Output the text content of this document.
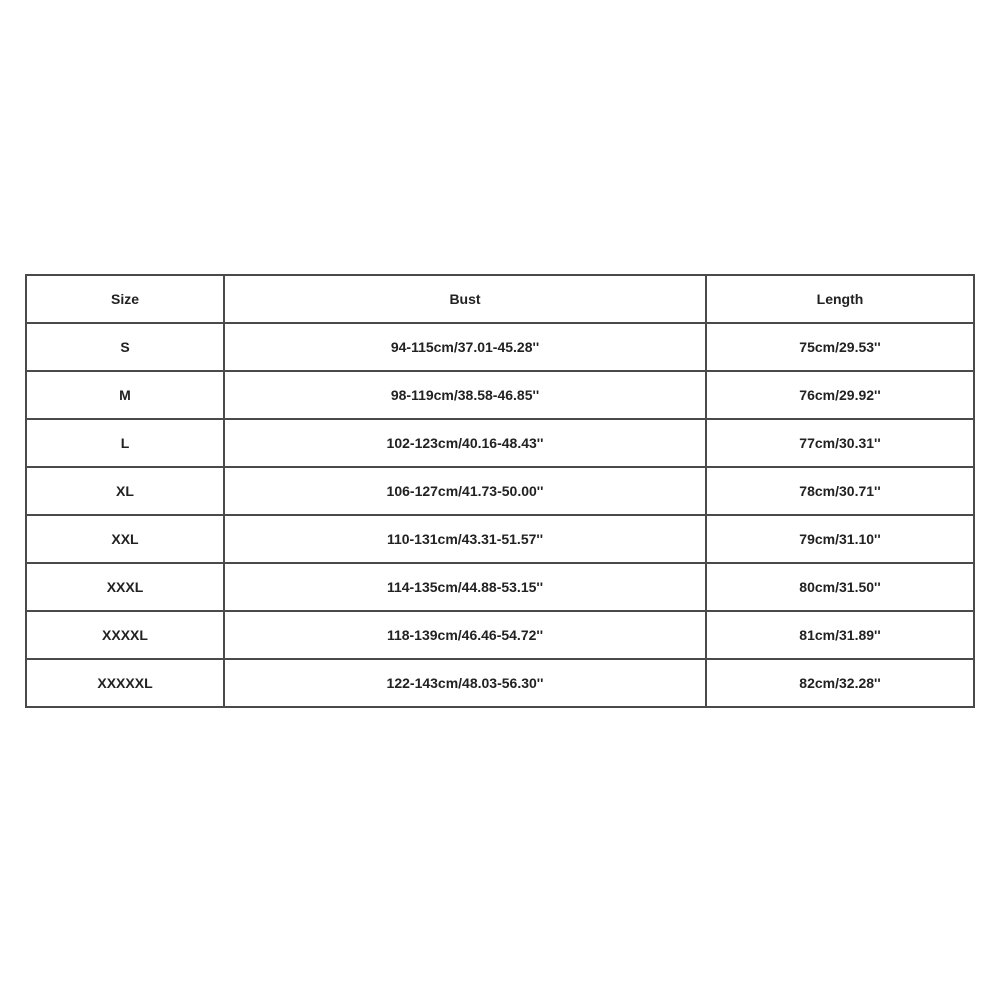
Size	Bust	Length
S	94-115cm/37.01-45.28''	75cm/29.53''
M	98-119cm/38.58-46.85''	76cm/29.92''
L	102-123cm/40.16-48.43''	77cm/30.31''
XL	106-127cm/41.73-50.00''	78cm/30.71''
XXL	110-131cm/43.31-51.57''	79cm/31.10''
XXXL	114-135cm/44.88-53.15''	80cm/31.50''
XXXXL	118-139cm/46.46-54.72''	81cm/31.89''
XXXXXL	122-143cm/48.03-56.30''	82cm/32.28''
